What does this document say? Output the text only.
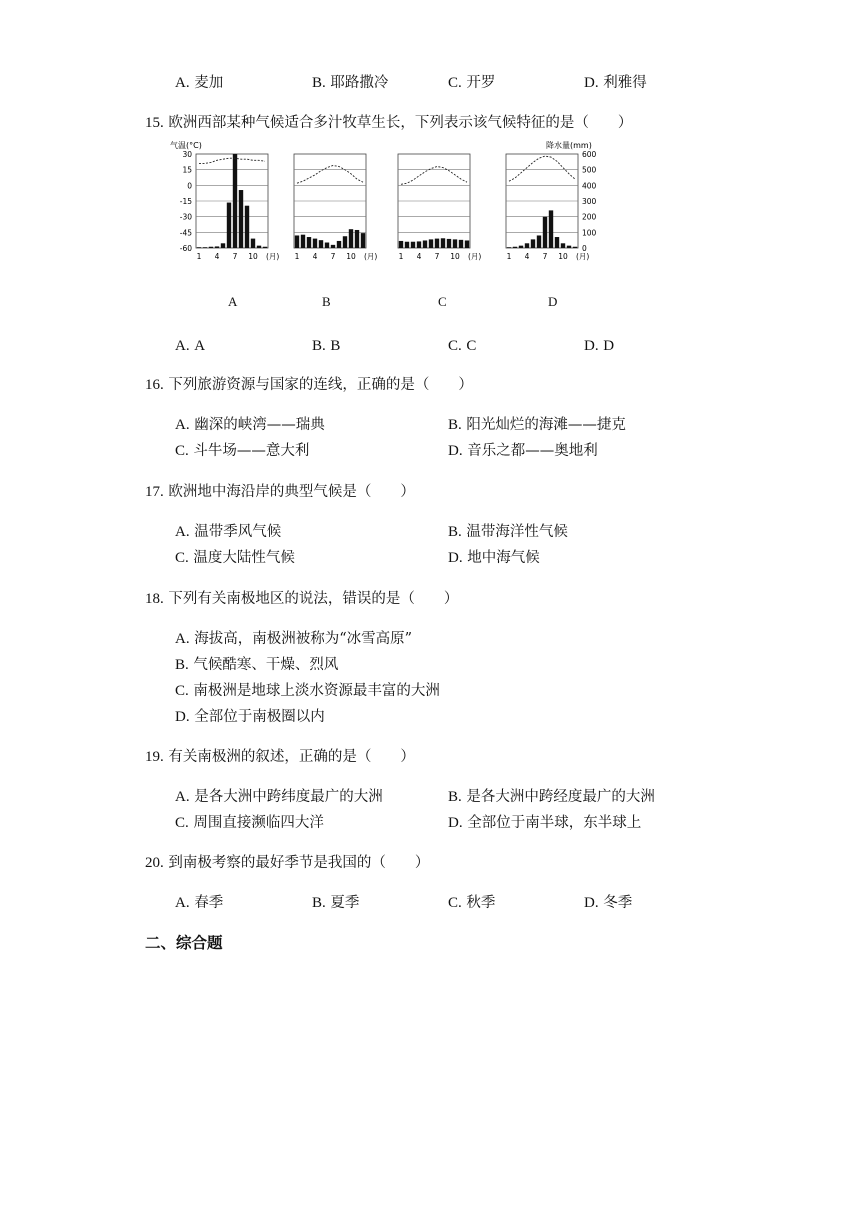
A. 麦加	B. 耶路撒冷	C. 开罗	D. 利雅得
15. 欧洲西部某种气候适合多汁牧草生长，下列表示该气候特征的是（　　）
气温(°C)	降水量(mm)
30
15
0
-15
-30
-45
-60
600
500
400
300
200
100
0
1 4 7 10 (月) 1 4 7 10 (月)	1 4 7 10 (月)	1 4 7 10 (月)
A	B	C	D
A. A	B. B	C. C	D. D
16. 下列旅游资源与国家的连线，正确的是（　　）
A. 幽深的峡湾——瑞典	B. 阳光灿烂的海滩——捷克
C. 斗牛场——意大利	D. 音乐之都——奥地利
17. 欧洲地中海沿岸的典型气候是（　　）
A. 温带季风气候	B. 温带海洋性气候
C. 温度大陆性气候	D. 地中海气候
18. 下列有关南极地区的说法，错误的是（　　）
A. 海拔高，南极洲被称为“冰雪高原”
B. 气候酷寒、干燥、烈风
C. 南极洲是地球上淡水资源最丰富的大洲
D. 全部位于南极圈以内
19. 有关南极洲的叙述，正确的是（　　）
A. 是各大洲中跨纬度最广的大洲	B. 是各大洲中跨经度最广的大洲
C. 周围直接濒临四大洋	D. 全部位于南半球，东半球上
20. 到南极考察的最好季节是我国的（　　）
A. 春季	B. 夏季	C. 秋季	D. 冬季
二、综合题
